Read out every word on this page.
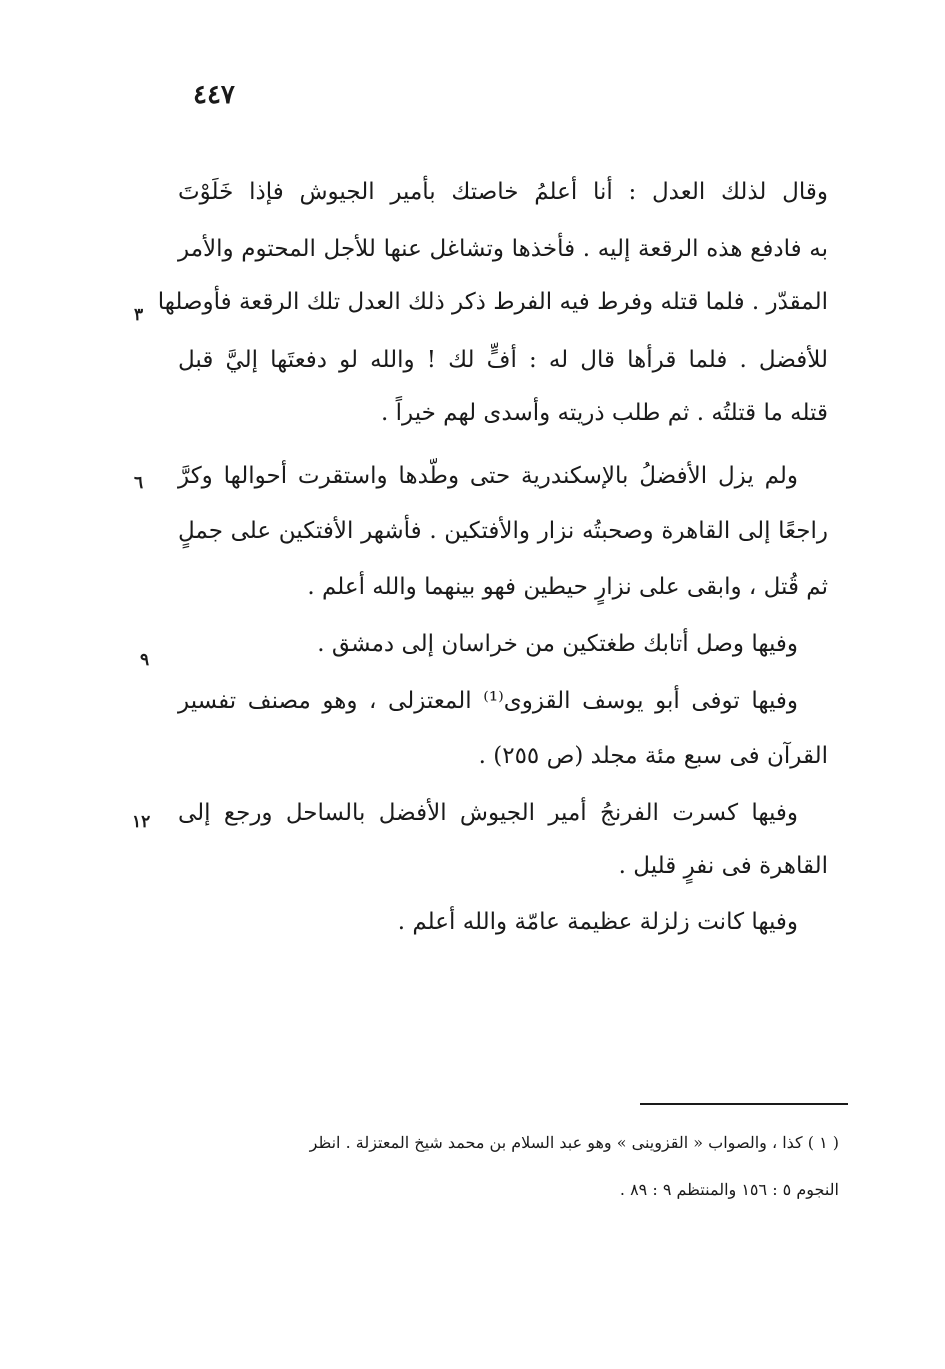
٤٤٧
وقال لذلك العدل : أنا أعلمُ خاصتك بأمير الجيوش فإذا خَلَوْتَ
به فادفع هذه الرقعة إليه . فأخذها وتشاغل عنها للأجل المحتوم والأمر
المقدّر . فلما قتله وفرط فيه الفرط ذكر ذلك العدل تلك الرقعة فأوصلها
للأفضل . فلما قرأها قال له : أفٍّ لك ! والله لو دفعتَها إليَّ قبل
قتله ما قتلتُه . ثم طلب ذريته وأسدى لهم خيراً .
ولم يزل الأفضلُ بالإسكندرية حتى وطّدها واستقرت أحوالها وكرَّ
راجعًا إلى القاهرة وصحبتُه نزار والأفتكين . فأشهر الأفتكين على جملٍ
ثم قُتل ، وابقى على نزارٍ حيطين فهو بينهما والله أعلم .
وفيها وصل أتابك طغتكين من خراسان إلى دمشق .
وفيها توفى أبو يوسف القزوى⁽¹⁾ المعتزلى ، وهو مصنف تفسير
القرآن فى سبع مئة مجلد (ص ٢٥٥) .
وفيها كسرت الفرنجُ أمير الجيوش الأفضل بالساحل ورجع إلى
القاهرة فى نفرٍ قليل .
وفيها كانت زلزلة عظيمة عامّة والله أعلم .
٣
٦
٩
١٢
( ١ ) كذا ، والصواب « القزوينى » وهو عبد السلام بن محمد شيخ المعتزلة . انظر
النجوم ٥ : ١٥٦ والمنتظم ٩ : ٨٩ .
